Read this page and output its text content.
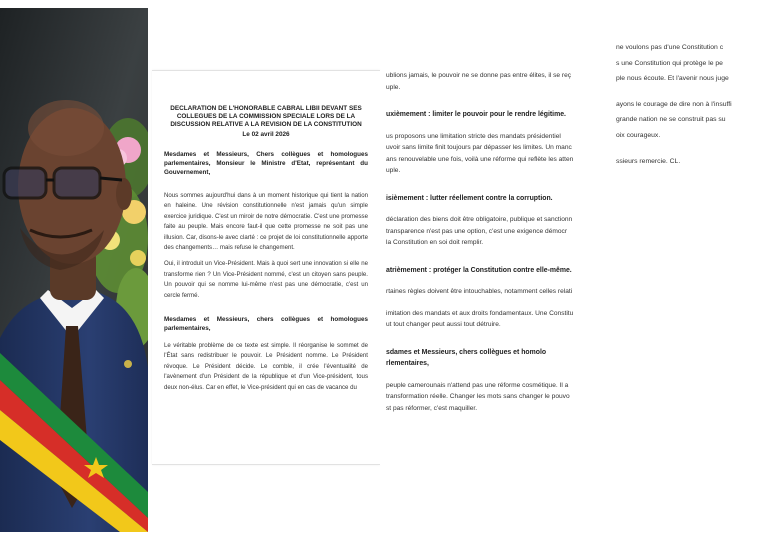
DECLARATION DE L'HONORABLE CABRAL LIBII DEVANT SES
COLLEGUES DE LA COMMISSION SPECIALE LORS DE LA
DISCUSSION RELATIVE A LA REVISION DE LA CONSTITUTION
Le 02 avril 2026

Mesdames et Messieurs, Chers collègues et homologues parlementaires, Monsieur le Ministre d'Etat, représentant du Gouvernement,

Nous sommes aujourd'hui dans à un moment historique qui tient la nation en haleine. Une révision constitutionnelle n'est jamais qu'un simple exercice juridique. C'est un miroir de notre démocratie. C'est une promesse faite au peuple. Mais encore faut-il que cette promesse ne soit pas une illusion. Car, disons-le avec clarté : ce projet de loi constitutionnelle apporte des changements… mais refuse le changement.

Oui, il introduit un Vice-Président. Mais à quoi sert une innovation si elle ne transforme rien ? Un Vice-Président nommé, c'est un citoyen sans peuple. Un pouvoir qui se nomme lui-même n'est pas une démocratie, c'est un cercle fermé.

Mesdames et Messieurs, chers collègues et homologues parlementaires,

Le véritable problème de ce texte est simple. Il réorganise le sommet de l'État sans redistribuer le pouvoir. Le Président nomme. Le Président révoque. Le Président décide. Le comble, il crée l'éventualité de l'avènement d'un Président de la république et d'un Vice-président, tous deux non-élus. Car en effet, le Vice-président qui en cas de vacance du

ublions jamais, le pouvoir ne se donne pas entre élites, il se reç
uple.
uxièmement : limiter le pouvoir pour le rendre légitime.
us proposons une limitation stricte des mandats présidentiel
uvoir sans limite finit toujours par dépasser les limites. Un manc
ans renouvelable une fois, voilà une réforme qui reflète les atten
uple.
isièmement : lutter réellement contre la corruption.
déclaration des biens doit être obligatoire, publique et sanctionn
transparence n'est pas une option, c'est une exigence démocr
la Constitution en soi doit remplir.
atrièmement : protéger la Constitution contre elle-même.
rtaines règles doivent être intouchables, notamment celles relati
imitation des mandats et aux droits fondamentaux. Une Constitu
ut tout changer peut aussi tout détruire.
sdames et Messieurs, chers collègues et homolo
rlementaires,
peuple camerounais n'attend pas une réforme cosmétique. Il a
transformation réelle. Changer les mots sans changer le pouvo
st pas réformer, c'est maquiller.
ne voulons pas d'une Constitution c
s une Constitution qui protège le pe
ple nous écoute. Et l'avenir nous juge
ayons le courage de dire non à l'insuffi
grande nation ne se construit pas su
oix courageux.
ssieurs remercie. CL.
